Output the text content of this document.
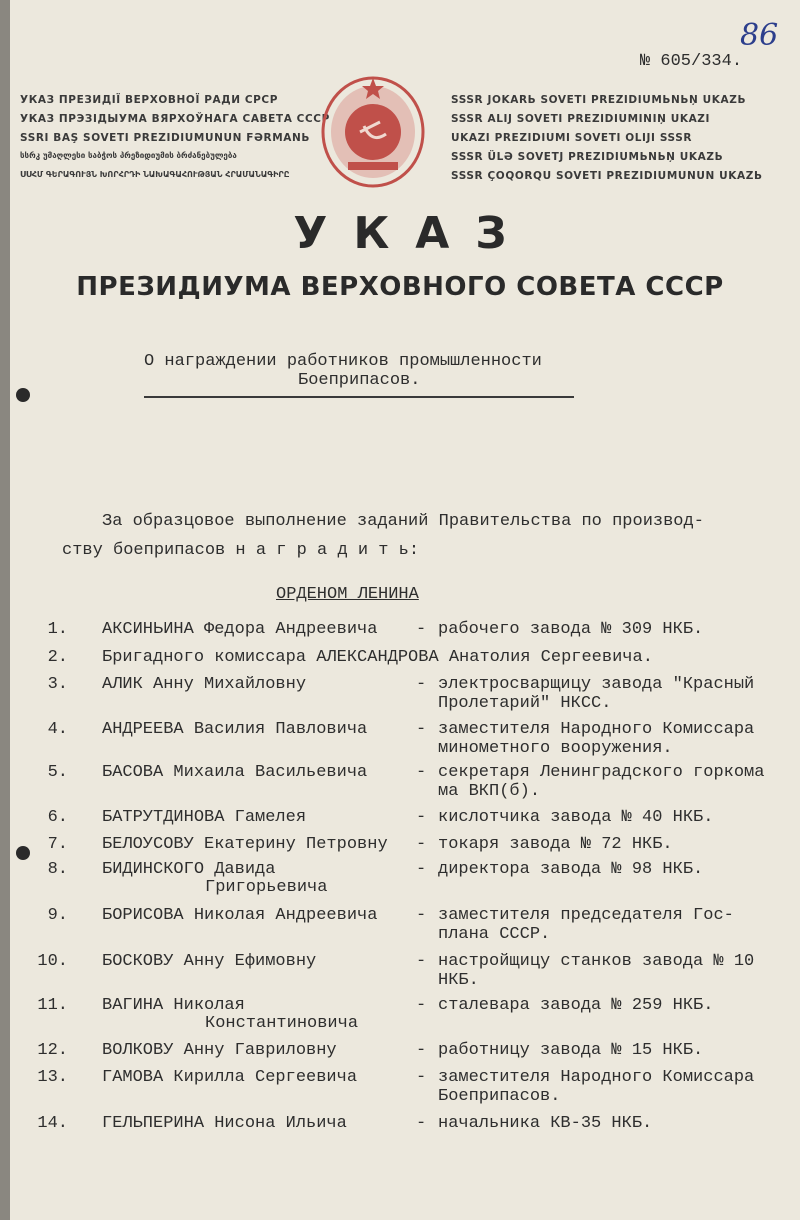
86
№ 605/334.
УКАЗ ПРЕЗИДІЇ ВЕРХОВНОЇ РАДИ СРСР
УКАЗ ПРЭЗІДЫУМА ВЯРХОЎНАГА САВЕТА СССР
SSRI BAŞ SOVETI PREZIDIUMUNUN FƏRMANЬ
სსრკ უმაღლესი საბჭოს პრეზიდიუმის ბრძანებულება
ՍՍՀՄ ԳԵՐԱԳՈՒՅՆ ԽՈՐՀՐԴԻ ՆԱԽԱԳԱՀՈՒԹՅԱՆ ՀՐԱՄԱՆԱԳԻՐԸ
SSSR JOKARЬ SOVETI PREZIDIUMЬNЬŅ UKAZЬ
SSSR ALIJ SOVETI PREZIDIUMINIŅ UKAZI
UKAZI PREZIDIUMI SOVETI OLIJI SSSR
SSSR ÜLƏ SOVETJ PREZIDIUMЬNЬŅ UKAZЬ
SSSR ÇOQORQU SOVETI PREZIDIUMUNUN UKAZЬ
УКАЗ
ПРЕЗИДИУМА ВЕРХОВНОГО СОВЕТА СССР
О награждении работников промышленности
Боеприпасов.
За образцовое выполнение заданий Правительства по производ-
ству боеприпасов н а г р а д и т ь:
ОРДЕНОМ ЛЕНИНА
1. АКСИНЬИНА Федора Андреевича - рабочего завода № 309 НКБ.
2. Бригадного комиссара АЛЕКСАНДРОВА Анатолия Сергеевича.
3. АЛИК Анну Михайловну	- электросварщицу завода "Красный
Пролетарий" НКСС.
4. АНДРЕЕВА Василия Павловича	- заместителя Народного Комиссара
минометного вооружения.
5. БАСОВА Михаила Васильевича	- секретаря Ленинградского горкома
ма ВКП(б).
6. БАТРУТДИНОВА Гамелея	- кислотчика завода № 40 НКБ.
7. БЕЛОУСОВУ Екатерину Петровну - токаря завода № 72 НКБ.
8. БИДИНСКОГО Давида
Григорьевича
- директора завода № 98 НКБ.
9. БОРИСОВА Николая Андреевича - заместителя председателя Гос-
плана СССР.
10. БОСКОВУ Анну Ефимовну	- настройщицу станков завода № 10
НКБ.
11. ВАГИНА Николая
Константиновича
- сталевара завода № 259 НКБ.
12. ВОЛКОВУ Анну Гавриловну	- работницу завода № 15 НКБ.
13. ГАМОВА Кирилла Сергеевича	- заместителя Народного Комиссара
Боеприпасов.
14. ГЕЛЬПЕРИНА Нисона Ильича	- начальника КВ-35 НКБ.
